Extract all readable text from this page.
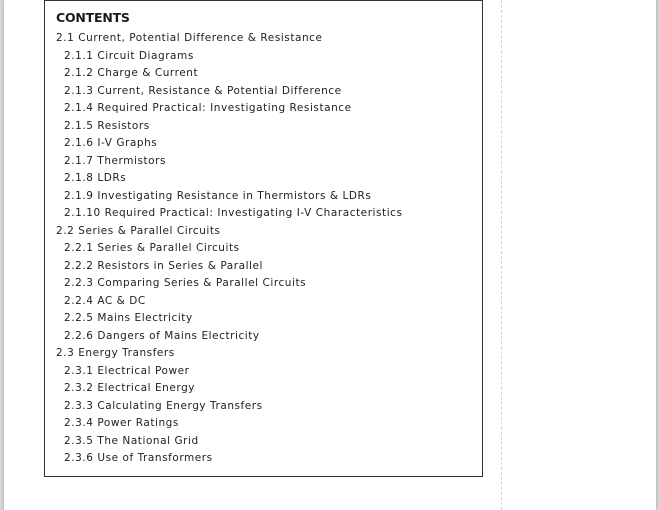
CONTENTS
2.1 Current, Potential Difference & Resistance
2.1.1 Circuit Diagrams
2.1.2 Charge & Current
2.1.3 Current, Resistance & Potential Difference
2.1.4 Required Practical: Investigating Resistance
2.1.5 Resistors
2.1.6 I-V Graphs
2.1.7 Thermistors
2.1.8 LDRs
2.1.9 Investigating Resistance in Thermistors & LDRs
2.1.10 Required Practical: Investigating I-V Characteristics
2.2 Series & Parallel Circuits
2.2.1 Series & Parallel Circuits
2.2.2 Resistors in Series & Parallel
2.2.3 Comparing Series & Parallel Circuits
2.2.4 AC & DC
2.2.5 Mains Electricity
2.2.6 Dangers of Mains Electricity
2.3 Energy Transfers
2.3.1 Electrical Power
2.3.2 Electrical Energy
2.3.3 Calculating Energy Transfers
2.3.4 Power Ratings
2.3.5 The National Grid
2.3.6 Use of Transformers
